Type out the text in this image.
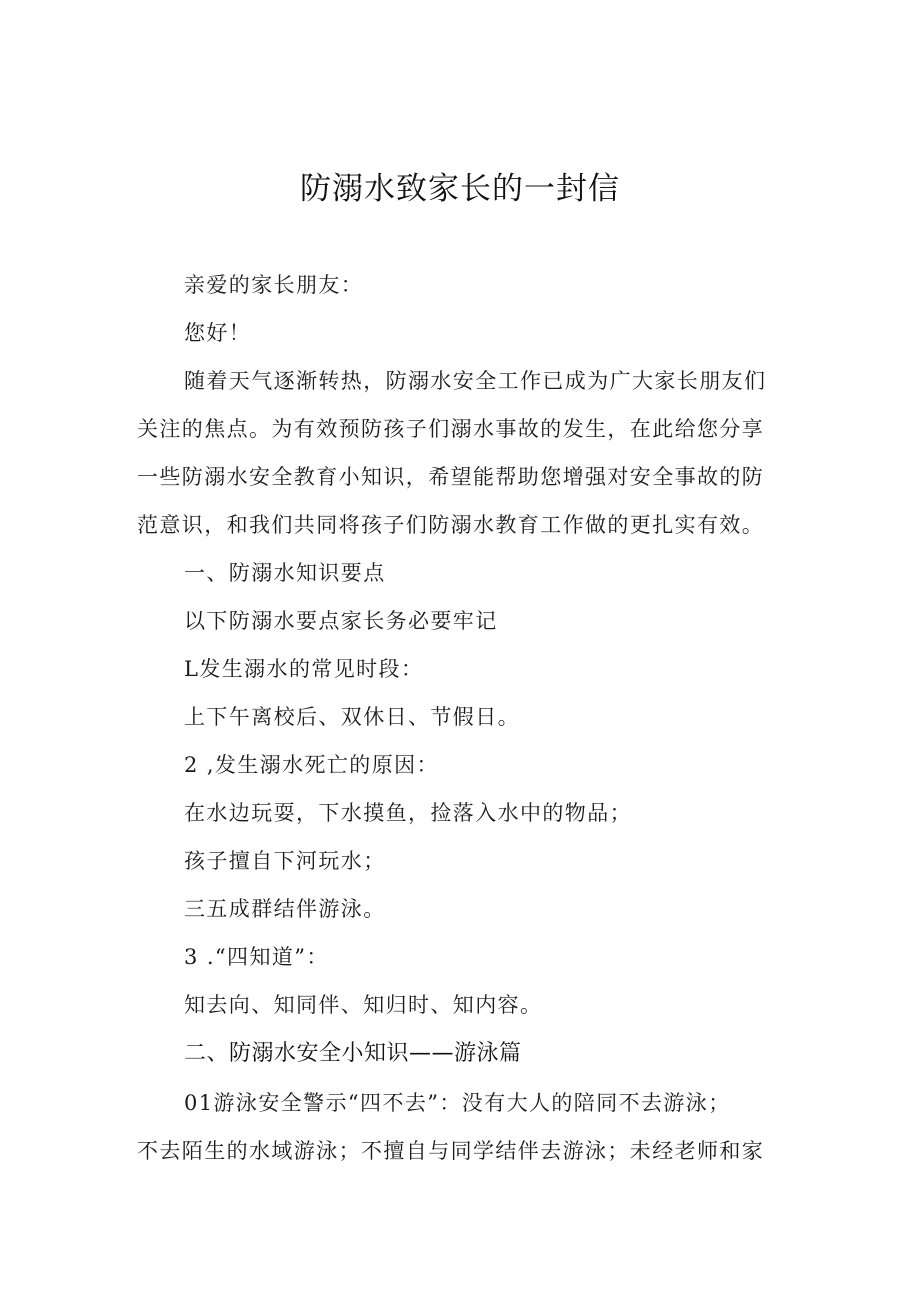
防溺水致家长的一封信
亲爱的家长朋友：
您好！
随着天气逐渐转热，防溺水安全工作已成为广大家长朋友们
关注的焦点。为有效预防孩子们溺水事故的发生，在此给您分享
一些防溺水安全教育小知识，希望能帮助您增强对安全事故的防
范意识，和我们共同将孩子们防溺水教育工作做的更扎实有效。
一、防溺水知识要点
以下防溺水要点家长务必要牢记
L发生溺水的常见时段：
上下午离校后、双休日、节假日。
2 ,发生溺水死亡的原因：
在水边玩耍，下水摸鱼，捡落入水中的物品；
孩子擅自下河玩水；
三五成群结伴游泳。
3 .“四知道”：
知去向、知同伴、知归时、知内容。
二、防溺水安全小知识——游泳篇
01游泳安全警示“四不去”：没有大人的陪同不去游泳；
不去陌生的水域游泳；不擅自与同学结伴去游泳；未经老师和家
